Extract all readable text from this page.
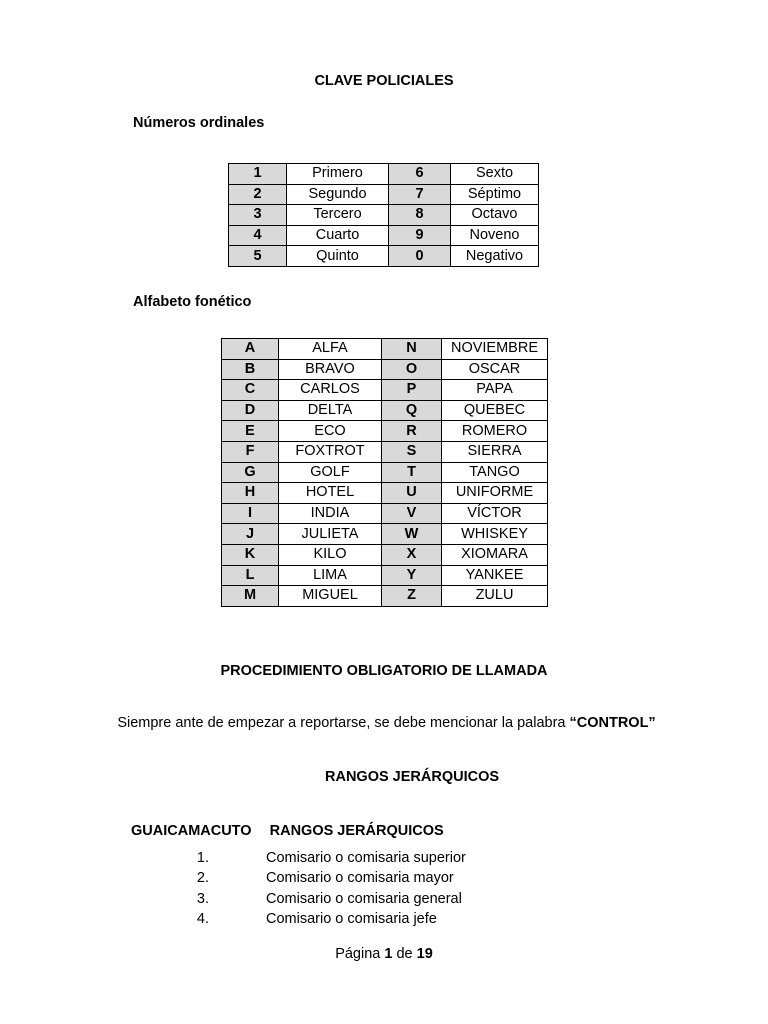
CLAVE POLICIALES
Números ordinales
1	Primero	6	Sexto
2	Segundo	7	Séptimo
3	Tercero	8	Octavo
4	Cuarto	9	Noveno
5	Quinto	0	Negativo
Alfabeto fonético
A	ALFA	N	NOVIEMBRE
B	BRAVO	O	OSCAR
C	CARLOS	P	PAPA
D	DELTA	Q	QUEBEC
E	ECO	R	ROMERO
F	FOXTROT	S	SIERRA
G	GOLF	T	TANGO
H	HOTEL	U	UNIFORME
I	INDIA	V	VÍCTOR
J	JULIETA	W	WHISKEY
K	KILO	X	XIOMARA
L	LIMA	Y	YANKEE
M	MIGUEL	Z	ZULU
PROCEDIMIENTO OBLIGATORIO DE LLAMADA
Siempre ante de empezar a reportarse, se debe mencionar la palabra “CONTROL”
RANGOS JERÁRQUICOS
GUAICAMACUTO RANGOS JERÁRQUICOS
1.	Comisario o comisaria superior
2.	Comisario o comisaria mayor
3.	Comisario o comisaria general
4.	Comisario o comisaria jefe
Página 1 de 19
